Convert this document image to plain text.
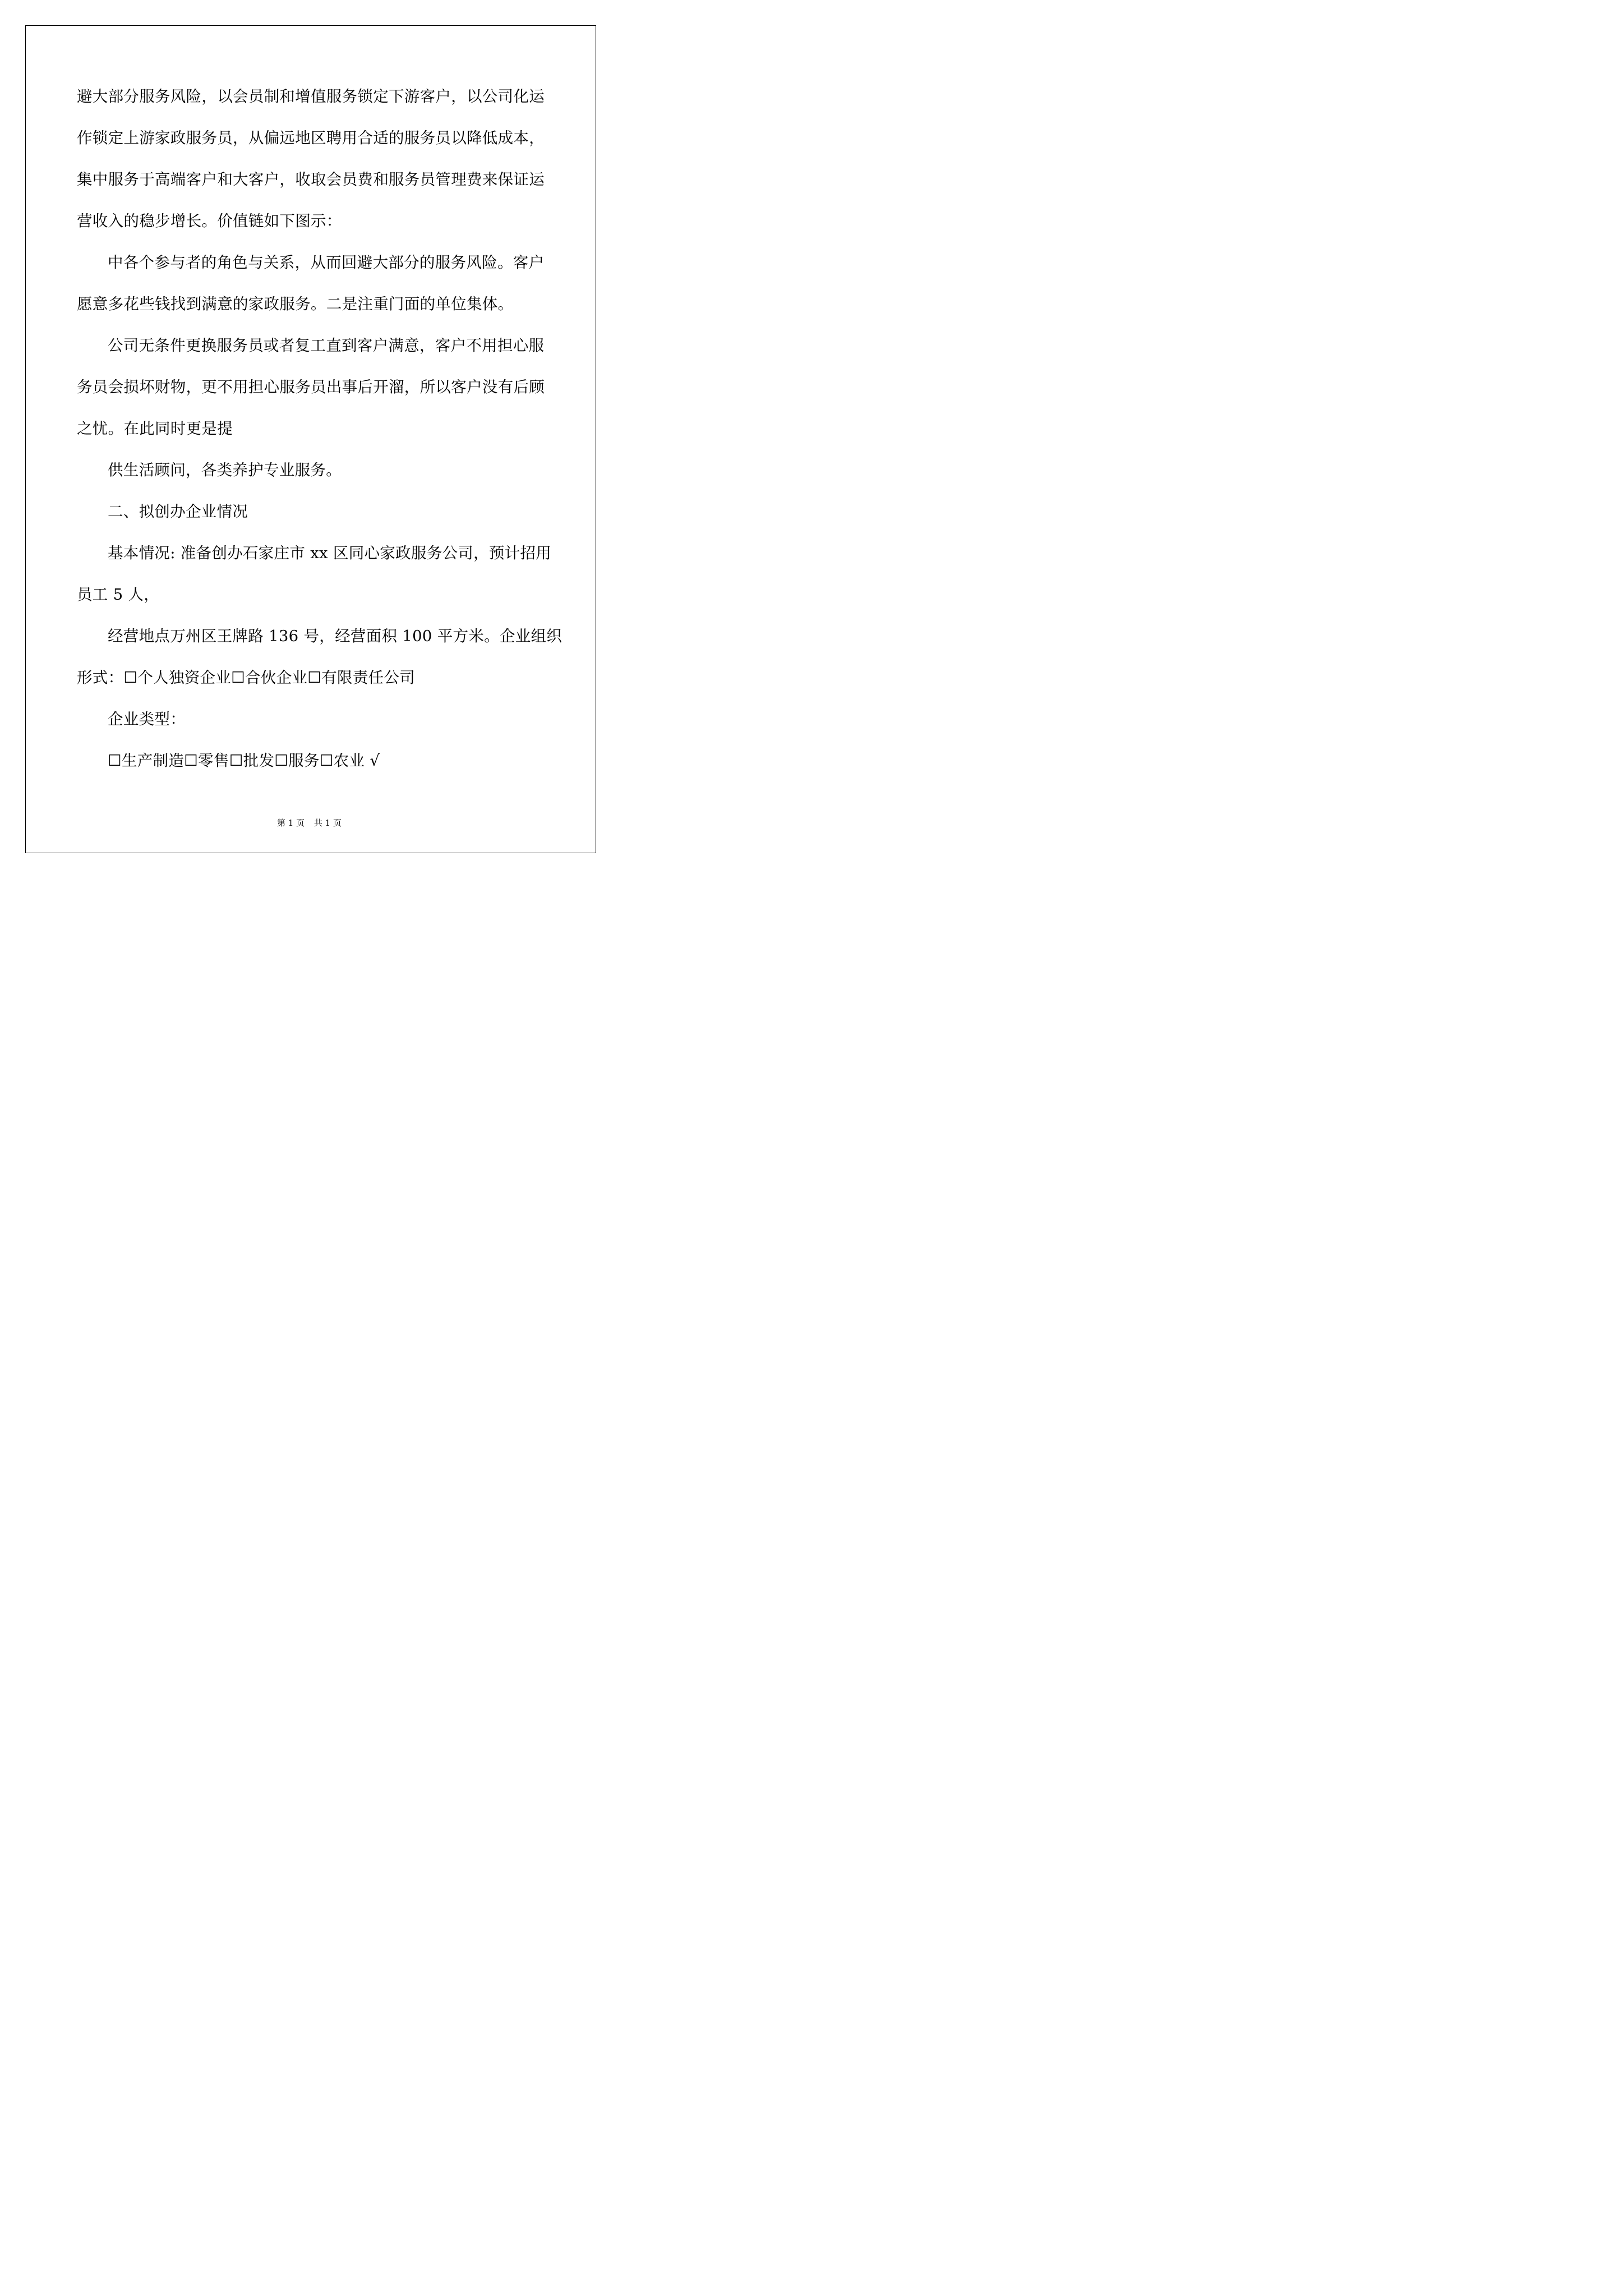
避大部分服务风险，以会员制和增值服务锁定下游客户，以公司化运
作锁定上游家政服务员，从偏远地区聘用合适的服务员以降低成本，
集中服务于高端客户和大客户，收取会员费和服务员管理费来保证运
营收入的稳步增长。价值链如下图示：
中各个参与者的角色与关系，从而回避大部分的服务风险。客户
愿意多花些钱找到满意的家政服务。二是注重门面的单位集体。
公司无条件更换服务员或者复工直到客户满意，客户不用担心服
务员会损坏财物，更不用担心服务员出事后开溜，所以客户没有后顾
之忧。在此同时更是提
供生活顾问，各类养护专业服务。
二、拟创办企业情况
基本情况: 准备创办石家庄市 xx 区同心家政服务公司，预计招用
员工 5 人，
经营地点万州区王牌路 136 号，经营面积 100 平方米。企业组织
形式：☐个人独资企业☐合伙企业☐有限责任公司
企业类型：
☐生产制造☐零售☐批发☐服务☐农业 √
第 1 页 共 1 页
